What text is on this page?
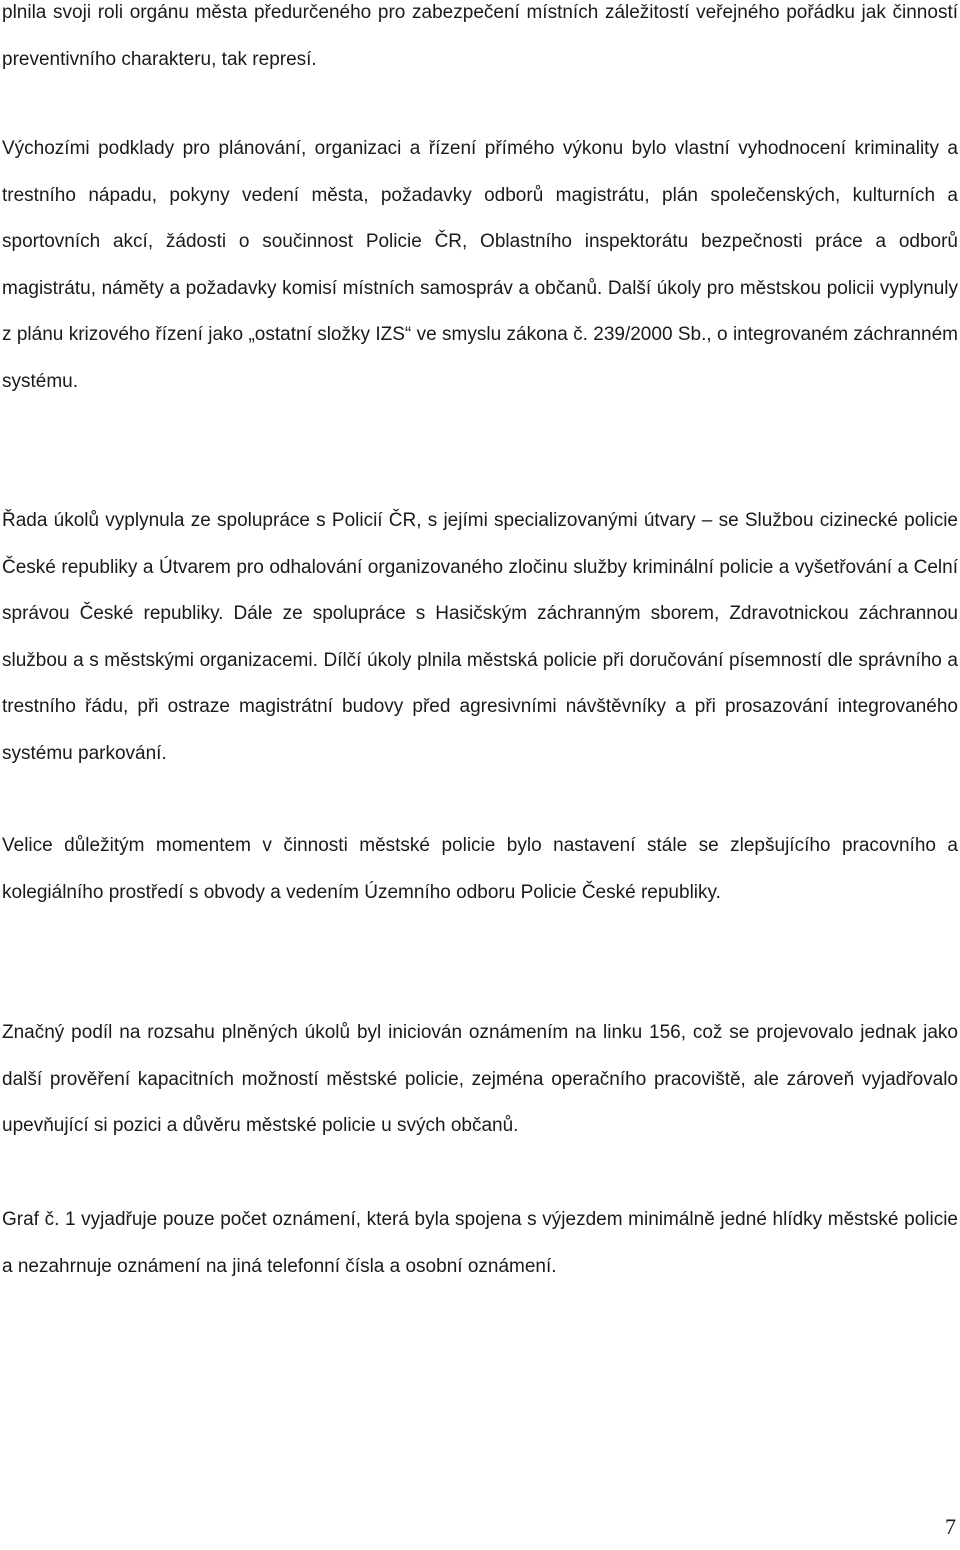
plnila svoji roli orgánu města předurčeného pro zabezpečení místních záležitostí veřejného pořádku jak činností preventivního charakteru, tak represí.

Výchozími podklady pro plánování, organizaci a řízení přímého výkonu bylo vlastní vyhodnocení kriminality a trestního nápadu, pokyny vedení města, požadavky odborů magistrátu, plán společenských, kulturních a sportovních akcí, žádosti o součinnost Policie ČR, Oblastního inspektorátu bezpečnosti práce a odborů magistrátu, náměty a požadavky komisí místních samospráv a občanů. Další úkoly pro městskou policii vyplynuly z plánu krizového řízení jako „ostatní složky IZS“ ve smyslu zákona č. 239/2000 Sb., o integrovaném záchranném systému.

Řada úkolů vyplynula ze spolupráce s Policií ČR, s jejími specializovanými útvary – se Službou cizinecké policie České republiky a Útvarem pro odhalování organizovaného zločinu služby kriminální policie a vyšetřování a Celní správou České republiky. Dále ze spolupráce s Hasičským záchranným sborem, Zdravotnickou záchrannou službou a s městskými organizacemi. Dílčí úkoly plnila městská policie při doručování písemností dle správního a trestního řádu, při ostraze magistrátní budovy před agresivními návštěvníky a při prosazování integrovaného systému parkování.

Velice důležitým momentem v činnosti městské policie bylo nastavení stále se zlepšujícího pracovního a kolegiálního prostředí s obvody a vedením Územního odboru Policie České republiky.

Značný podíl na rozsahu plněných úkolů byl iniciován oznámením na linku 156, což se projevovalo jednak jako další prověření kapacitních možností městské policie, zejména operačního pracoviště, ale zároveň vyjadřovalo upevňující si pozici a důvěru městské policie u svých občanů.

Graf č. 1 vyjadřuje pouze počet oznámení, která byla spojena s výjezdem minimálně jedné hlídky městské policie a nezahrnuje oznámení na jiná telefonní čísla a osobní oznámení.

7
